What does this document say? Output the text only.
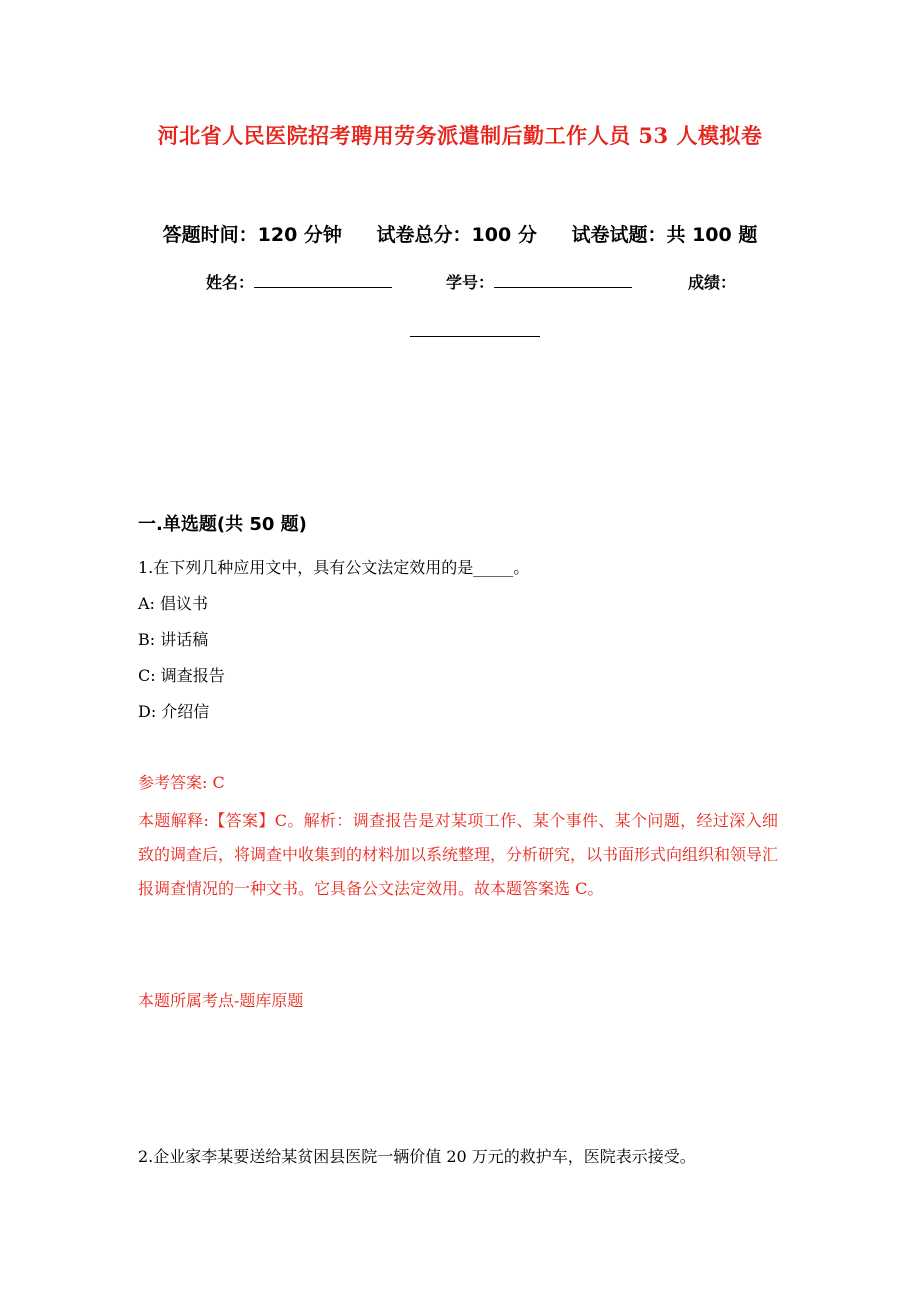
河北省人民医院招考聘用劳务派遣制后勤工作人员 53 人模拟卷
答题时间：120 分钟 试卷总分：100 分 试卷试题：共 100 题
姓名：	学号：	成绩：
一.单选题(共 50 题)
1.在下列几种应用文中，具有公文法定效用的是_____。
A: 倡议书
B: 讲话稿
C: 调查报告
D: 介绍信
参考答案: C
本题解释:【答案】C。解析：调查报告是对某项工作、某个事件、某个问题，经过深入细致的调查后，将调查中收集到的材料加以系统整理，分析研究，以书面形式向组织和领导汇报调查情况的一种文书。它具备公文法定效用。故本题答案选 C。
本题所属考点-题库原题
2.企业家李某要送给某贫困县医院一辆价值 20 万元的救护车，医院表示接受。
